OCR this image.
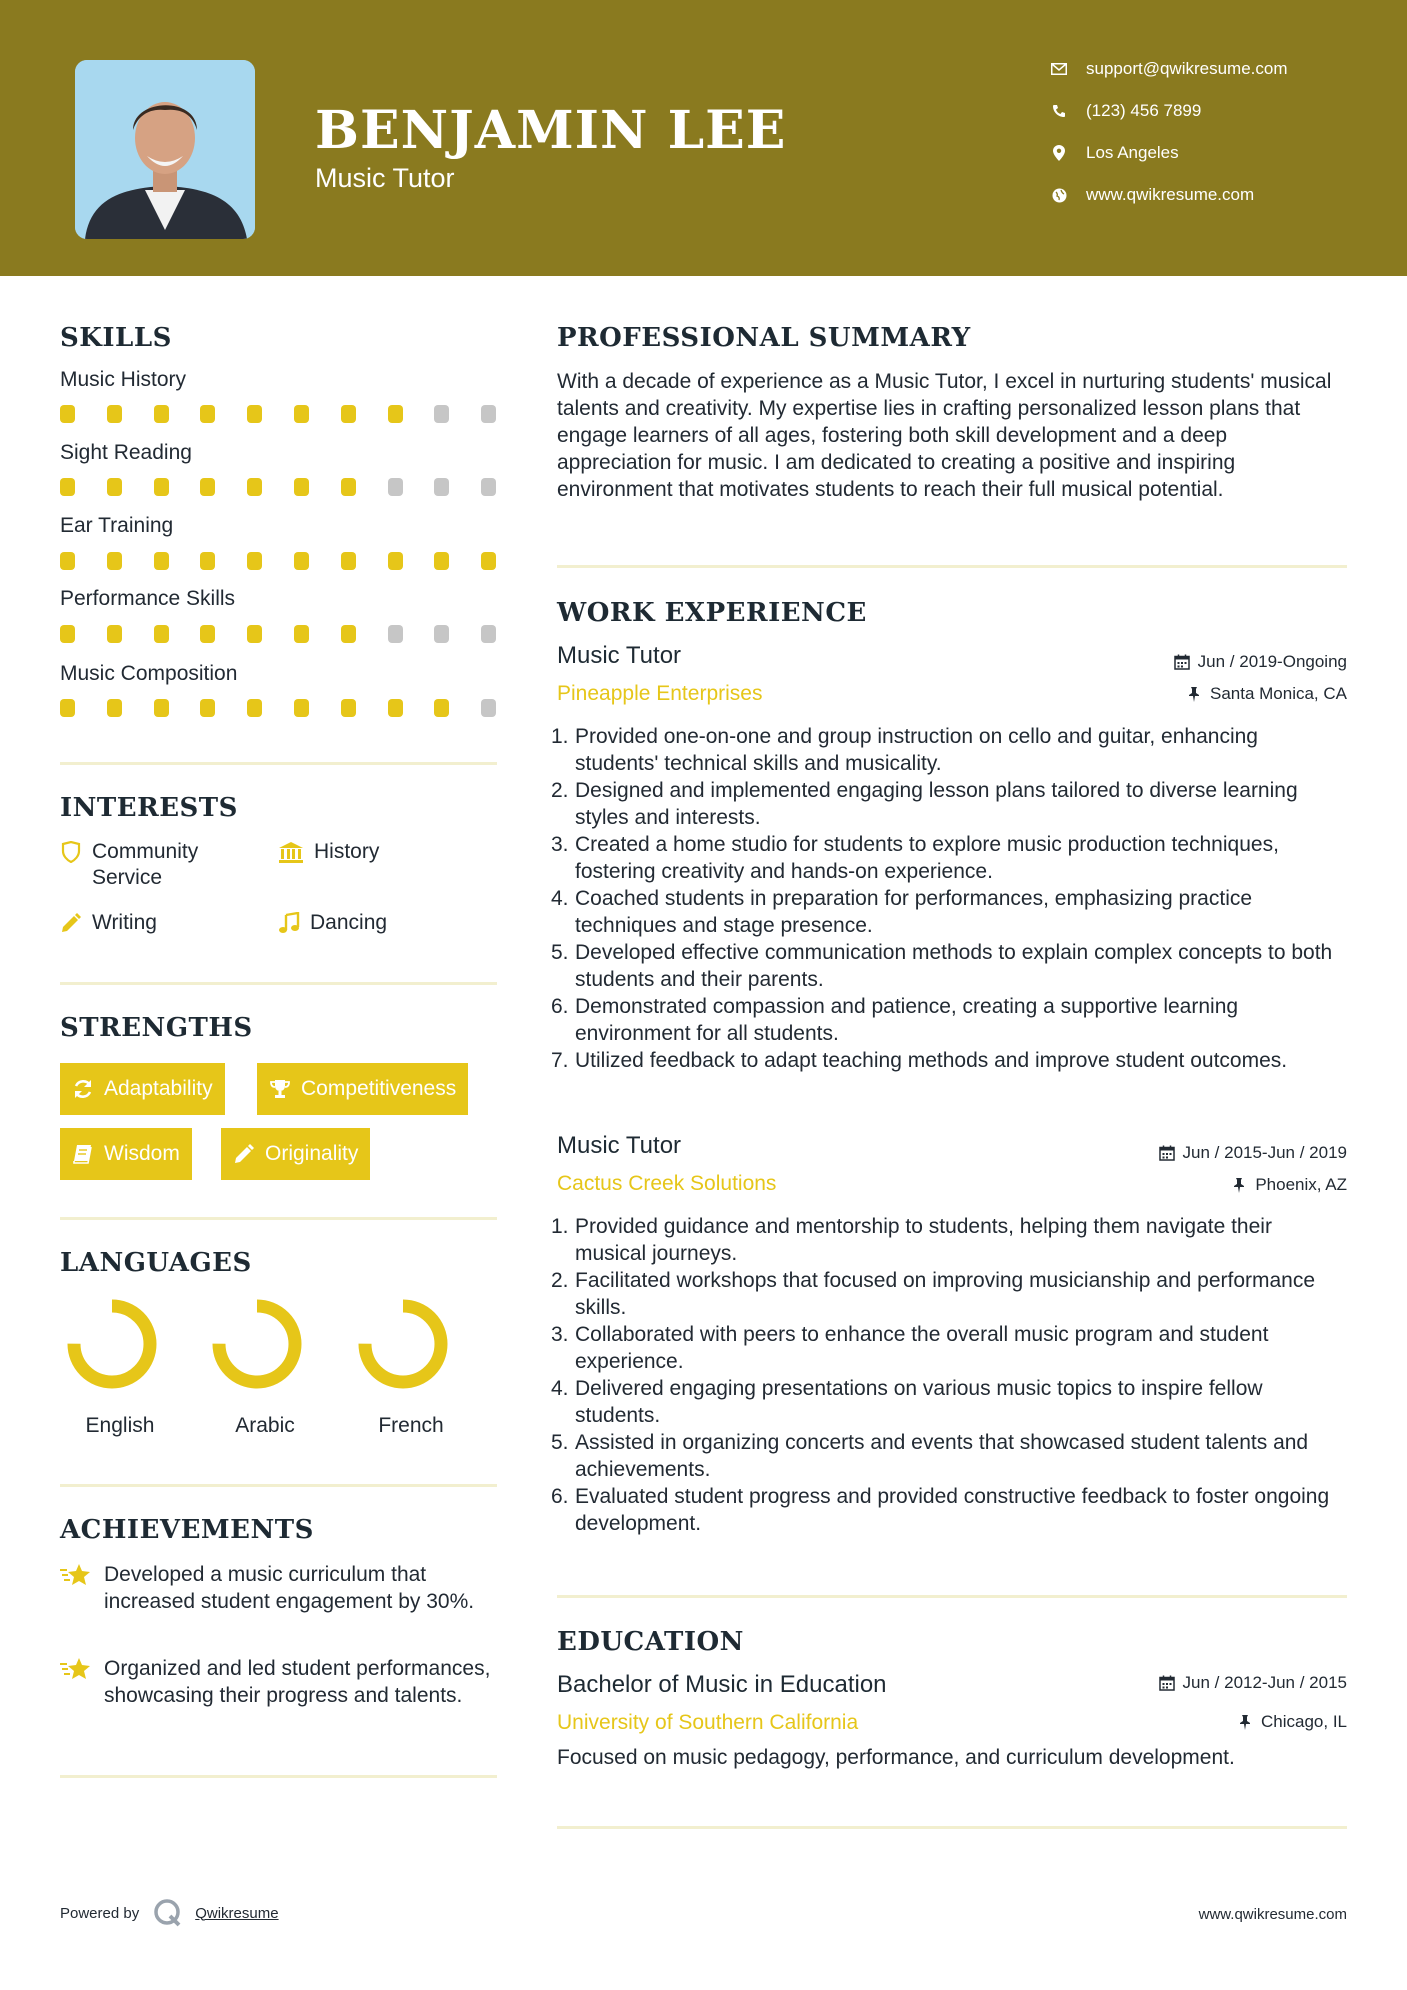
BENJAMIN LEE
Music Tutor
support@qwikresume.com
(123) 456 7899
Los Angeles
www.qwikresume.com
SKILLS
Music History
Sight Reading
Ear Training
Performance Skills
Music Composition
INTERESTS
Community Service
History
Writing	Dancing
STRENGTHS
Adaptability	Competitiveness
Wisdom	Originality
LANGUAGES
English	Arabic	French
ACHIEVEMENTS
Developed a music curriculum that increased student engagement by 30%.
Organized and led student performances, showcasing their progress and talents.
PROFESSIONAL SUMMARY
With a decade of experience as a Music Tutor, I excel in nurturing students' musical talents and creativity. My expertise lies in crafting personalized lesson plans that engage learners of all ages, fostering both skill development and a deep appreciation for music. I am dedicated to creating a positive and inspiring environment that motivates students to reach their full musical potential.
WORK EXPERIENCE
Music Tutor	Jun / 2019-Ongoing
Pineapple Enterprises	Santa Monica, CA
1. Provided one-on-one and group instruction on cello and guitar, enhancing students' technical skills and musicality.
2. Designed and implemented engaging lesson plans tailored to diverse learning styles and interests.
3. Created a home studio for students to explore music production techniques, fostering creativity and hands-on experience.
4. Coached students in preparation for performances, emphasizing practice techniques and stage presence.
5. Developed effective communication methods to explain complex concepts to both students and their parents.
6. Demonstrated compassion and patience, creating a supportive learning environment for all students.
7. Utilized feedback to adapt teaching methods and improve student outcomes.
Music Tutor	Jun / 2015-Jun / 2019
Cactus Creek Solutions	Phoenix, AZ
1. Provided guidance and mentorship to students, helping them navigate their musical journeys.
2. Facilitated workshops that focused on improving musicianship and performance skills.
3. Collaborated with peers to enhance the overall music program and student experience.
4. Delivered engaging presentations on various music topics to inspire fellow students.
5. Assisted in organizing concerts and events that showcased student talents and achievements.
6. Evaluated student progress and provided constructive feedback to foster ongoing development.
EDUCATION
Bachelor of Music in Education	Jun / 2012-Jun / 2015
University of Southern California	Chicago, IL
Focused on music pedagogy, performance, and curriculum development.
Powered by	Qwikresume	www.qwikresume.com
